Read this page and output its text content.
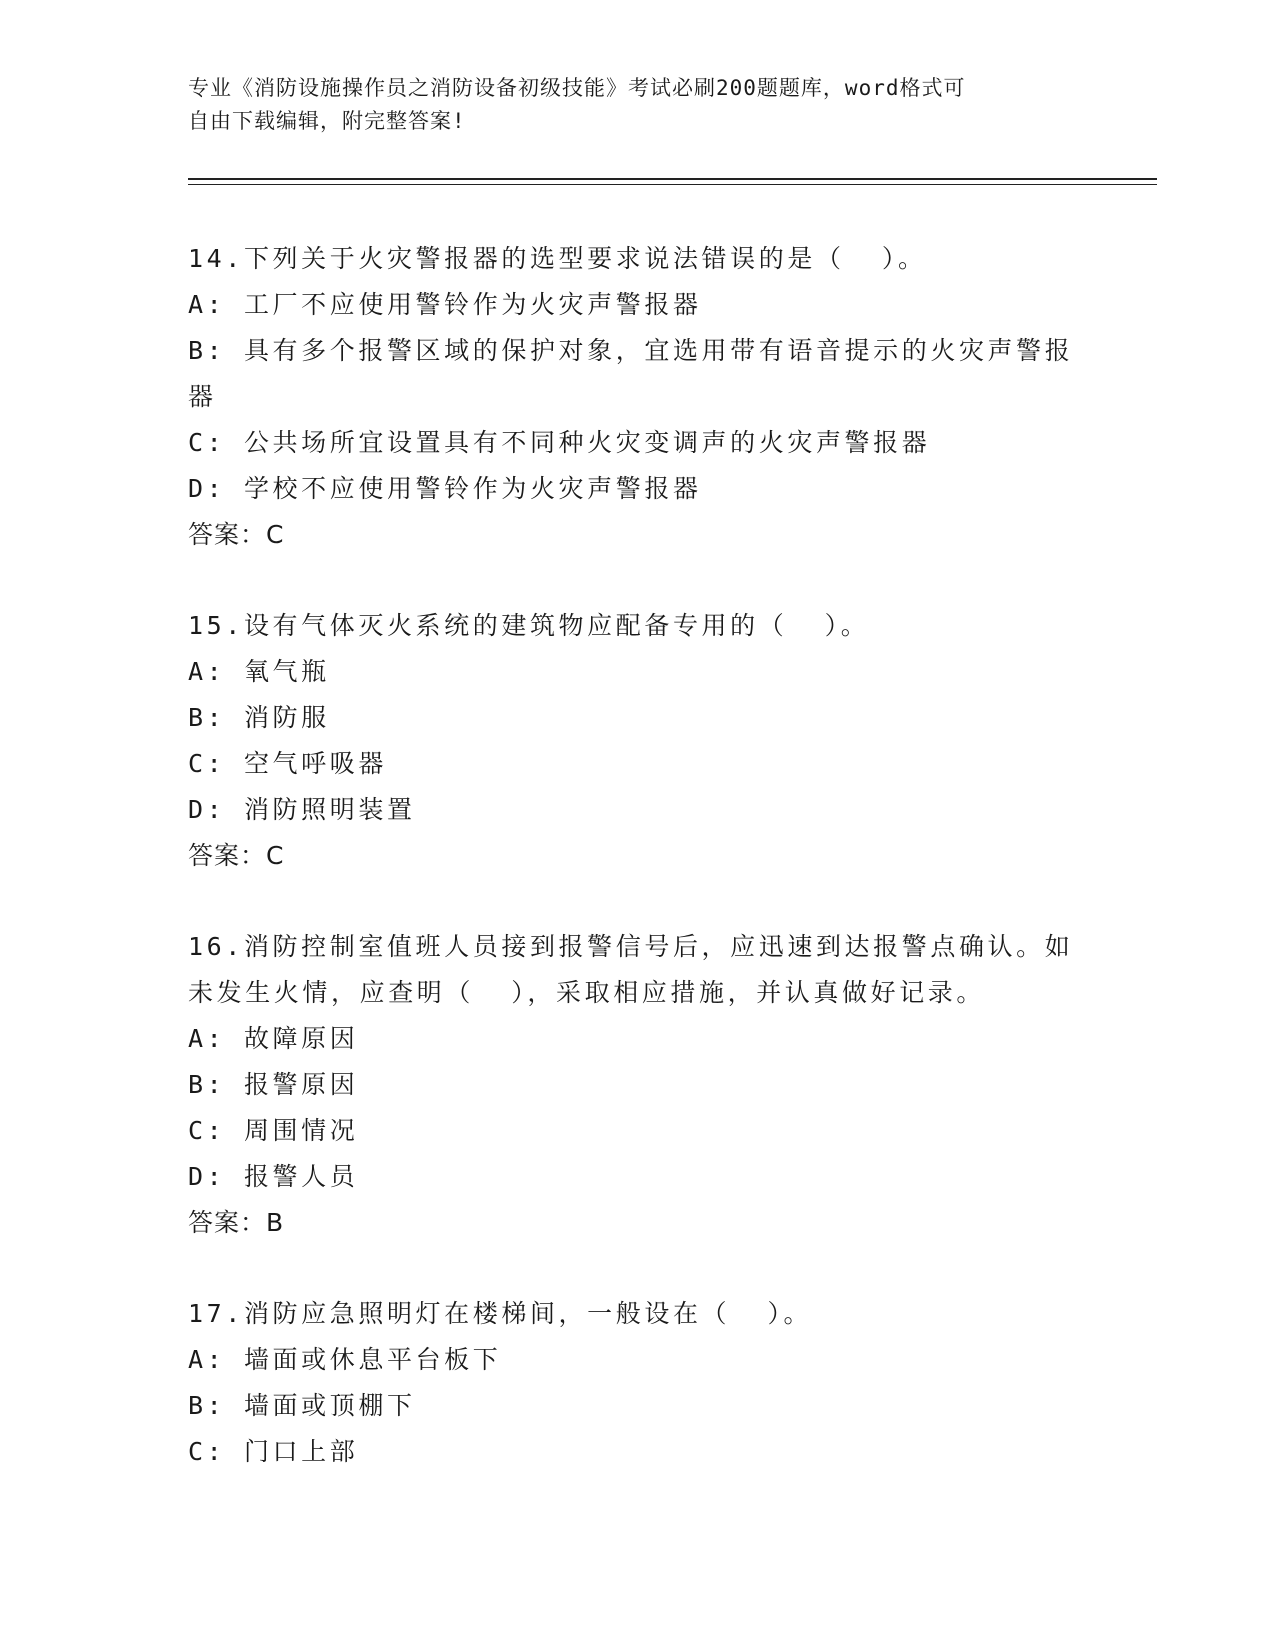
专业《消防设施操作员之消防设备初级技能》考试必刷200题题库，word格式可
自由下载编辑，附完整答案!
14.下列关于火灾警报器的选型要求说法错误的是（  ）。
A: 工厂不应使用警铃作为火灾声警报器
B: 具有多个报警区域的保护对象，宜选用带有语音提示的火灾声警报
器
C: 公共场所宜设置具有不同种火灾变调声的火灾声警报器
D: 学校不应使用警铃作为火灾声警报器
答案：C
15.设有气体灭火系统的建筑物应配备专用的（  ）。
A: 氧气瓶
B: 消防服
C: 空气呼吸器
D: 消防照明装置
答案：C
16.消防控制室值班人员接到报警信号后，应迅速到达报警点确认。如
未发生火情，应查明（  ），采取相应措施，并认真做好记录。
A: 故障原因
B: 报警原因
C: 周围情况
D: 报警人员
答案：B
17.消防应急照明灯在楼梯间，一般设在（  ）。
A: 墙面或休息平台板下
B: 墙面或顶棚下
C: 门口上部
